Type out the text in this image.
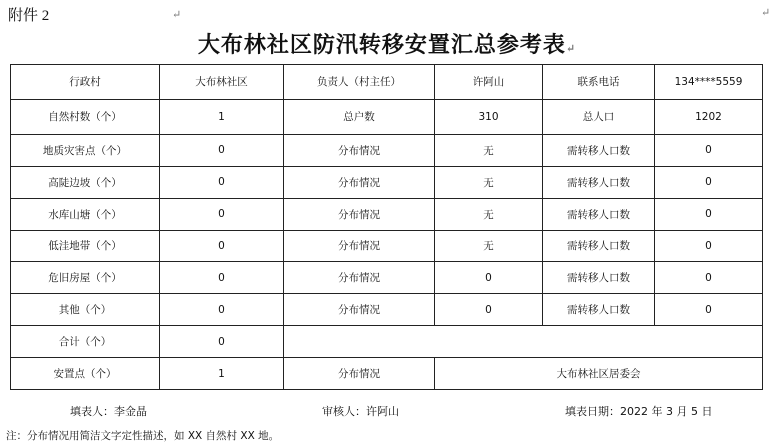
附件 2	↵	↵
大布林社区防汛转移安置汇总参考表↵
行政村	大布林社区	负责人（村主任）	许阿山	联系电话	134****5559
自然村数（个）	1	总户数	310	总人口	1202
地质灾害点（个）	0	分布情况	无	需转移人口数	0
高陡边坡（个）	0	分布情况	无	需转移人口数	0
水库山塘（个）	0	分布情况	无	需转移人口数	0
低洼地带（个）	0	分布情况	无	需转移人口数	0
危旧房屋（个）	0	分布情况	0	需转移人口数	0
其他（个）	0	分布情况	0	需转移人口数	0
合计（个）	0				
安置点（个）	1	分布情况	大布林社区居委会		
填表人：李金晶	审核人：许阿山	填表日期：2022 年 3 月 5 日
注：分布情况用简洁文字定性描述，如 XX 自然村 XX 地。
